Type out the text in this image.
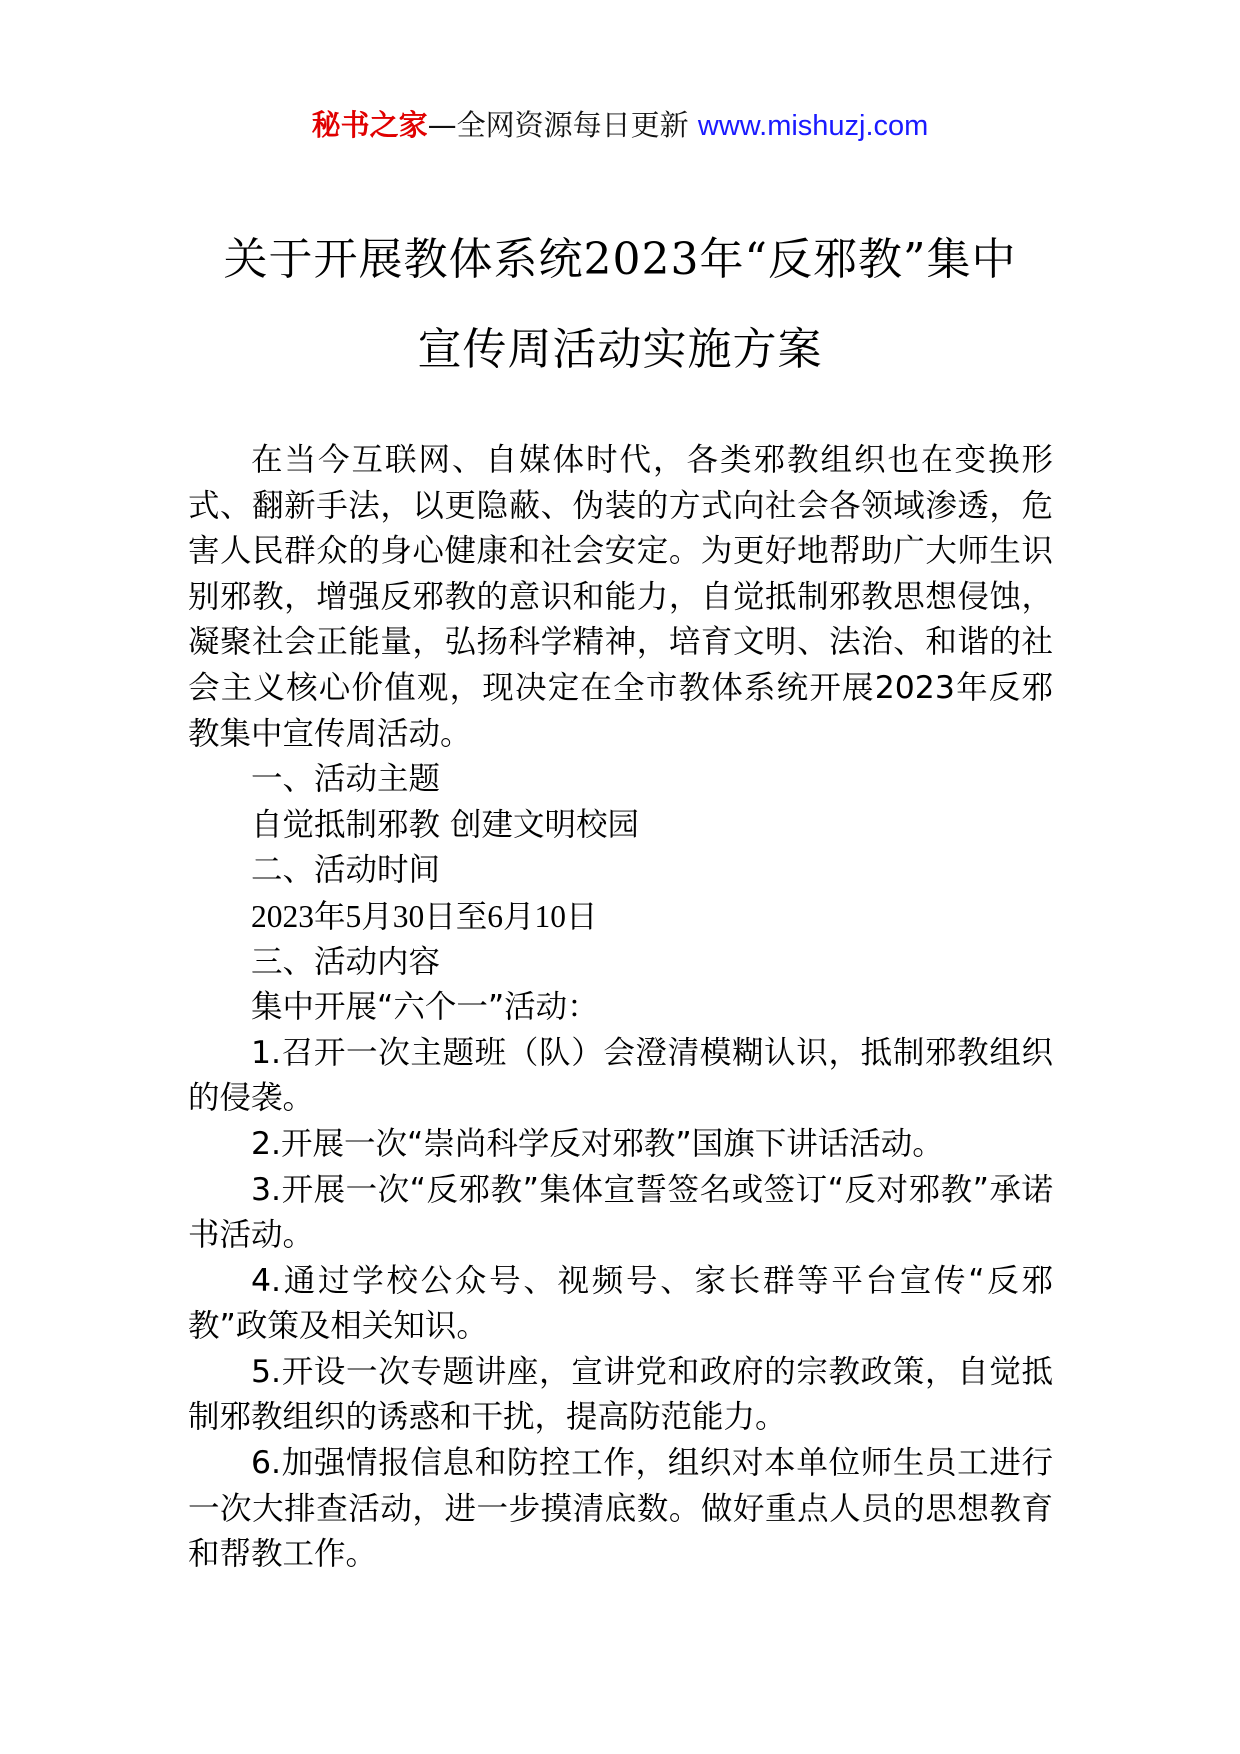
秘书之家—全网资源每日更新 www.mishuzj.com
关于开展教体系统2023年“反邪教”集中
宣传周活动实施方案

在当今互联网、自媒体时代，各类邪教组织也在变换形式、翻新手法，以更隐蔽、伪装的方式向社会各领域渗透，危害人民群众的身心健康和社会安定。为更好地帮助广大师生识别邪教，增强反邪教的意识和能力，自觉抵制邪教思想侵蚀，凝聚社会正能量，弘扬科学精神，培育文明、法治、和谐的社会主义核心价值观，现决定在全市教体系统开展2023年反邪教集中宣传周活动。

一、活动主题

自觉抵制邪教 创建文明校园

二、活动时间

2023年5月30日至6月10日

三、活动内容

集中开展“六个一”活动：

1.召开一次主题班（队）会澄清模糊认识，抵制邪教组织的侵袭。

2.开展一次“崇尚科学反对邪教”国旗下讲话活动。

3.开展一次“反邪教”集体宣誓签名或签订“反对邪教”承诺书活动。

4.通过学校公众号、视频号、家长群等平台宣传“反邪教”政策及相关知识。

5.开设一次专题讲座，宣讲党和政府的宗教政策，自觉抵制邪教组织的诱惑和干扰，提高防范能力。

6.加强情报信息和防控工作，组织对本单位师生员工进行一次大排查活动，进一步摸清底数。做好重点人员的思想教育和帮教工作。
